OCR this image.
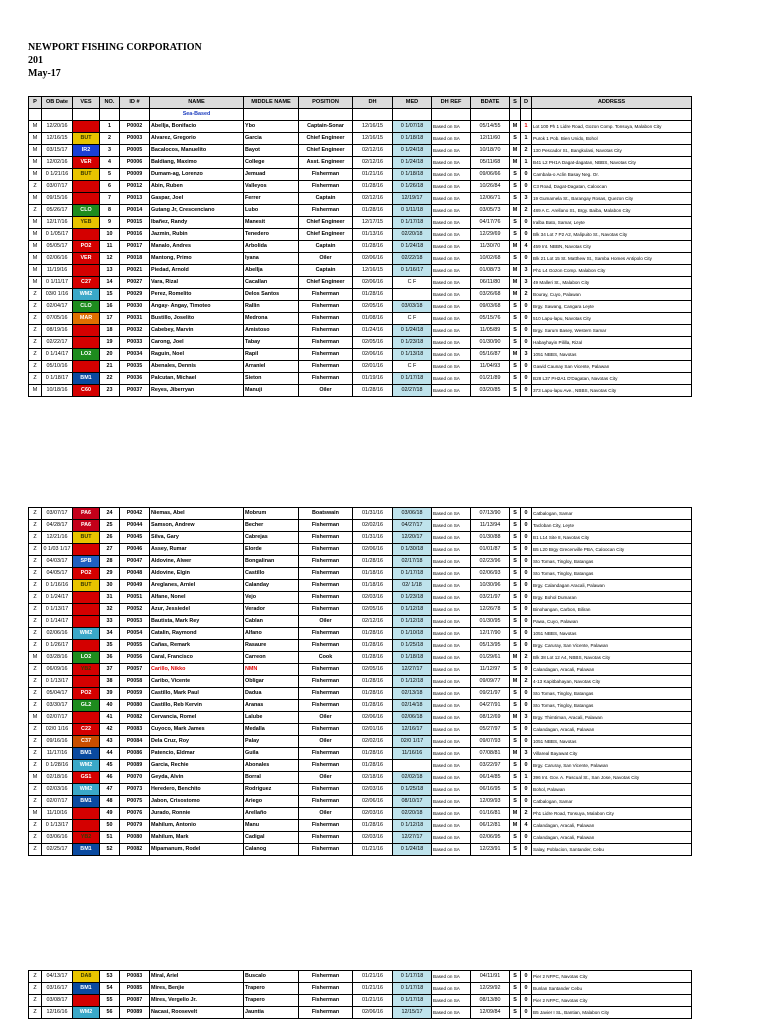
NEWPORT FISHING CORPORATION
201
May-17
P	OB Date	VES	NO.	ID #	NAME	MIDDLE NAME	POSITION	DH	MED	DH REF	BDATE	S	D	ADDRESS
					Sea-Based									
M	12/20/16		1	P0002	Abellja, Bonifacio	Ybo	Captain-Sonar	12/16/15	0 1/07/18	Based on SA	05/14/55	M	1	Lot 100 Ph 1 Lidre Road, Gozon Comp. Tonsuya, Malabon City
M	12/16/15	BUT	2	P0003	Alvarez, Gregorio	Garcia	Chief Engineer	12/16/15	0 1/18/18	Based on SA	12/11/60	S	1	Purok 1 Pob. Bien Unido, Bohol
M	03/15/17	IR2	3	P0005	Bacalocos, Manuelito	Bayot	Chief Engineer	02/12/16	0 1/24/18	Based on SA	10/18/70	M	2	130 Pescador St., Bangkulasi, Navotas City
M	12/02/16	VER	4	P0006	Baldiang, Maximo	College	Asst. Engineer	02/12/16	0 1/24/18	Based on SA	05/11/68	M	1	B41 L2 PH1A Dagat-dagatan, NBBS, Navotas City
M	0 1/21/16	BUT	5	P0009	Dumam-ag, Lorenzo	Jemuad	Fisherman	01/21/16	0 1/18/18	Based on SA	09/06/66	S	0	Cambala-o Aclin Basay Neg. Or.
Z	03/07/17		6	P0012	Abin, Ruben	Valleyos	Fisherman	01/28/16	0 1/26/18	Based on SA	10/26/84	S	0	C3 Road, Dagat-Dagatan, Caloocan
M	09/15/16		7	P0013	Gaspar, Joel	Ferrer	Captain	02/12/16	12/19/17	Based on SA	12/06/71	S	3	19 Gumamela St., Barangay Rosas, Quezon City
Z	05/26/17	CLO	8	P0014	Gutang Jr, Crescenciano	Lubo	Fisherman	01/28/16	0 1/11/18	Based on SA	03/05/73	M	2	489 A C. Arellano St., Brgy. Baiba, Malabon City
M	12/17/16	YEB	9	P0015	Ibañez, Randy	Manesit	Chief Engineer	12/17/15	0 1/17/18	Based on SA	04/17/76	S	0	Iralba Bato, Samar, Leyte
M	0 1/05/17		10	P0016	Jazmin, Rubin	Tenedero	Chief Engineer	01/13/16	02/20/18	Based on SA	12/29/69	S	0	Blk 34 Lot 7 P2 A2, Malipuito St., Navotas City
M	05/05/17	PO2	11	P0017	Manalo, Andres	Arbolida	Captain	01/28/16	0 1/24/18	Based on SA	11/30/70	M	4	459 Int. NBBN, Navotas City
M	02/06/16	VER	12	P0018	Mantong, Primo	Iyana	Oiler	02/06/16	02/22/18	Based on SA	10/02/68	S	0	Blk 21 Lot 15 St. Matthew St., Samba Homes Antipolo City
M	11/19/16		13	P0021	Piedad, Arnold	Abellja	Captain	12/16/15	0 1/16/17	Based on SA	01/08/73	M	3	Ph1 L4 Gozon Comp. Malabon City
M	0 1/11/17	C27	14	P0027	Vara, Rizal	Cacallan	Chief Engineer	02/06/16	C F	Based on SA	06/11/80	M	3	49 Malleri St., Malabon City
Z	03/0 1/16	WM2	15	P0029	Perez, Romelito	Delos Santos	Fisherman	01/28/16		Based on SA	03/26/68	M	2	Bouray, Cuyo, Palawan
Z	02/04/17	CLO	16	P0030	Angay- Angay, Timoteo	Rallin	Fisherman	02/05/16	03/03/18	Based on SA	09/03/68	S	0	Brgy. Sawang, Cangara Leyte
Z	07/05/16	MAR	17	P0031	Bustillo, Joselito	Medrona	Fisherman	01/08/16	C F	Based on SA	05/15/76	S	0	510 Lapu-lapu, Navotas City
Z	08/19/16		18	P0032	Cabebey, Marvin	Amistoso	Fisherman	01/24/16	0 1/24/18	Based on SA	11/05/89	S	0	Brgy. Sarum Basey, Western Samar
Z	02/22/17		19	P0033	Carong, Joel	Tabay	Fisherman	02/05/16	0 1/23/18	Based on SA	01/30/90	S	0	Habayhayin Pililla, Rizal
Z	0 1/14/17	LO2	20	P0034	Raguin, Noel	Rapil	Fisherman	02/06/16	0 1/13/18	Based on SA	05/16/87	M	3	1051 NBBS, Navotas
Z	05/10/16		21	P0035	Abenales, Dennis	Arraniel	Fisherman	02/01/16	C F	Based on SA	11/04/93	S	0	Gawid Caunay San Vicente, Palawan
Z	0 1/18/17	BM1	22	P0036	Palcutan, Michael	Sieton	Fisherman	01/19/16	0 1/17/18	Based on SA	01/21/89	S	0	B28 L37 PH2A1 D'Dagatan, Navotas City
M	10/18/16	C60	23	P0037	Reyes, Jiberryan	Manuji	Oiler	01/28/16	02/27/18	Based on SA	03/20/85	S	0	373 Lapu-lapu Ave., NBBS, Navotas City
Z	03/07/17	PA6	24	P0042	Niemas, Abel	Mobrum	Boatswain	01/31/16	03/06/18	Based on SA	07/13/90	S	0	Catbalogan, Samar
Z	04/28/17	PA6	25	P0044	Samson, Andrew	Becher	Fisherman	02/02/16	04/27/17	Based on SA	11/13/94	S	0	Tacloban City, Leyte
Z	12/21/16	BUT	26	P0045	Silva, Gary	Cabrejas	Fisherman	01/31/16	12/20/17	Based on SA	01/30/88	S	0	B1 L14 Site 8, Navotas City
Z	0 1/03 1/17		27	P0046	Assey, Rumar	Elorde	Fisherman	02/06/16	0 1/30/18	Based on SA	01/01/87	S	0	B5 L20 Brgy Grecenville PBA, Caloocan City
Z	04/03/17	SPB	28	P0047	Aldovine, Alwer	Bongalinan	Fisherman	01/28/16	02/17/18	Based on SA	02/23/96	S	0	Sto Tomas, Tingloy, Batangas
Z	04/05/17	PO2	29	P0048	Aldovine, Elgin	Castillo	Fisherman	01/18/16	0 1/17/18	Based on SA	02/06/93	S	0	Sto Tomas, Tingloy, Batangas
Z	0 1/16/16	BUT	30	P0049	Areglanes, Arniel	Calanday	Fisherman	01/18/16	02/ 1/18	Based on SA	10/30/96	S	0	Brgy. Calandagan Aracali, Palawan
Z	0 1/24/17		31	P0051	Alfane, Nonel	Vejo	Fisherman	02/03/16	0 1/23/18	Based on SA	03/21/97	S	0	Brgy. Bohol Dumaran
Z	0 1/13/17		32	P0052	Azur, Jessiedel	Verador	Fisherman	02/05/16	0 1/12/18	Based on SA	12/26/78	S	0	Binohangan, Carbon, Biliran
Z	0 1/14/17		33	P0053	Bautista, Mark Rey	Cablan	Oiler	02/12/16	0 1/12/18	Based on SA	01/30/95	S	0	Pawa, Cuyo, Palawan
Z	02/06/16	WM2	34	P0054	Catalin, Raymond	Alfano	Fisherman	01/28/16	0 1/10/18	Based on SA	12/17/90	S	0	1051 NBBS, Navotas
Z	0 1/26/17		35	P0055	Cañas, Remark	Rasaure	Fisherman	01/28/16	0 1/25/18	Based on SA	05/13/95	S	0	Brgy. Caruray, San Vicente, Palawan
M	03/28/16	LO2	36	P0056	Caral, Francisco	Carreon	Cook	01/28/16	0 1/18/18	Based on SA	01/29/61	M	2	Blk 38 Lot 12 A4, NBBS, Navotas City
Z	06/09/16	YB2	37	P0057	Carillo, Nikko	NMN	Fisherman	02/05/16	12/27/17	Based on SA	11/12/97	S	0	Calandagan, Aracali, Palawan
Z	0 1/13/17		38	P0058	Caribo, Vicente	Obligar	Fisherman	01/28/16	0 1/12/18	Based on SA	09/09/77	M	2	4-13 Kapitbahayan, Navotas City
Z	05/04/17	PO2	39	P0059	Castillo, Mark Paul	Dadua	Fisherman	01/28/16	02/13/18	Based on SA	09/21/97	S	0	Sto Tomas, Tingloy, Batangas
Z	03/30/17	GL2	40	P0080	Castillo, Reb Kervin	Aranas	Fisherman	01/28/16	02/14/18	Based on SA	04/27/91	S	0	Sto Tomas, Tingloy, Batangas
M	02/07/17		41	P0082	Cervancia, Romel	Lalube	Oiler	02/06/16	02/06/18	Based on SA	08/12/69	M	3	Brgy. Thimtiman, Aracali, Palawan
Z	02/0 1/16	C22	42	P0083	Cuyoco, Mark James	Medalla	Fisherman	02/01/16	12/16/17	Based on SA	05/27/97	S	0	Calandagan, Aracali, Palawan
Z	09/16/16	C37	43	P0084	Dela Cruz, Roy	Palay	Oiler	02/02/16	02/0 1/17	Based on SA	09/07/93	S	0	1051 NBBS, Navotas
Z	11/17/16	BM1	44	P0086	Patencio, Eldmar	Guila	Fisherman	01/28/16	11/16/16	Based on SA	07/08/81	M	3	Villareal Bayawat City
Z	0 1/28/16	WM2	45	P0089	Garcia, Rechie	Abonales	Fisherman	01/28/16		Based on SA	03/22/97	S	0	Brgy. Caruray, San Vicente, Palawan
M	02/18/16	GS1	46	P0070	Geyda, Alvin	Borral	Oiler	02/18/16	02/02/18	Based on SA	06/14/85	S	1	396 Int. Gov. A. Pascual St., San Jose, Navotas City
Z	02/03/16	WM2	47	P0073	Heredero, Benchito	Rodriguez	Fisherman	02/03/16	0 1/25/18	Based on SA	06/16/95	S	0	Bohol, Palawan
Z	02/07/17	BM1	48	P0075	Jabon, Crisostomo	Ariego	Fisherman	02/06/16	08/10/17	Based on SA	12/09/93	S	0	Catbalogan, Samar
M	11/10/16		49	P0076	Jurado, Ronnie	Arellaño	Oiler	02/03/16	02/20/18	Based on SA	01/16/81	M	2	Ph1 Lidre Road, Tonsuya, Malabon City
Z	0 1/13/17		50	P0079	Mahilum, Antonio	Manu	Fisherman	01/28/16	0 1/12/18	Based on SA	06/12/81	M	4	Calandagan, Aracali, Palawan
Z	03/06/16	YB2	51	P0080	Mahilum, Mark	Cadigal	Fisherman	02/03/16	12/27/17	Based on SA	02/06/95	S	0	Calandagan, Aracali, Palawan
Z	02/25/17	BM1	52	P0082	Mipamanum, Rodel	Calanog	Fisherman	01/21/16	0 1/24/18	Based on SA	12/23/91	S	0	Salay, Poblacion, Santander, Cebu
Z	04/13/17	DA8	53	P0083	Miral, Ariel	Buscalo	Fisherman	01/21/16	0 1/17/18	Based on SA	04/11/91	S	0	Pier 2 NFPC, Navotas City
Z	03/16/17	BM1	54	P0085	Mires, Benjie	Trapero	Fisherman	01/21/16	0 1/17/18	Based on SA	12/29/92	S	0	Bunlan Santander Cebu
Z	03/08/17		55	P0087	Mires, Vergelio Jr.	Trapero	Fisherman	01/21/16	0 1/17/18	Based on SA	08/13/80	S	0	Pier 2 NFPC, Navotas City
Z	12/16/16	WM2	56	P0089	Nacasi, Roosevelt	Jauntia	Fisherman	02/06/16	12/15/17	Based on SA	12/09/84	S	0	B5 Javier I SL, Bantian, Malabon City
